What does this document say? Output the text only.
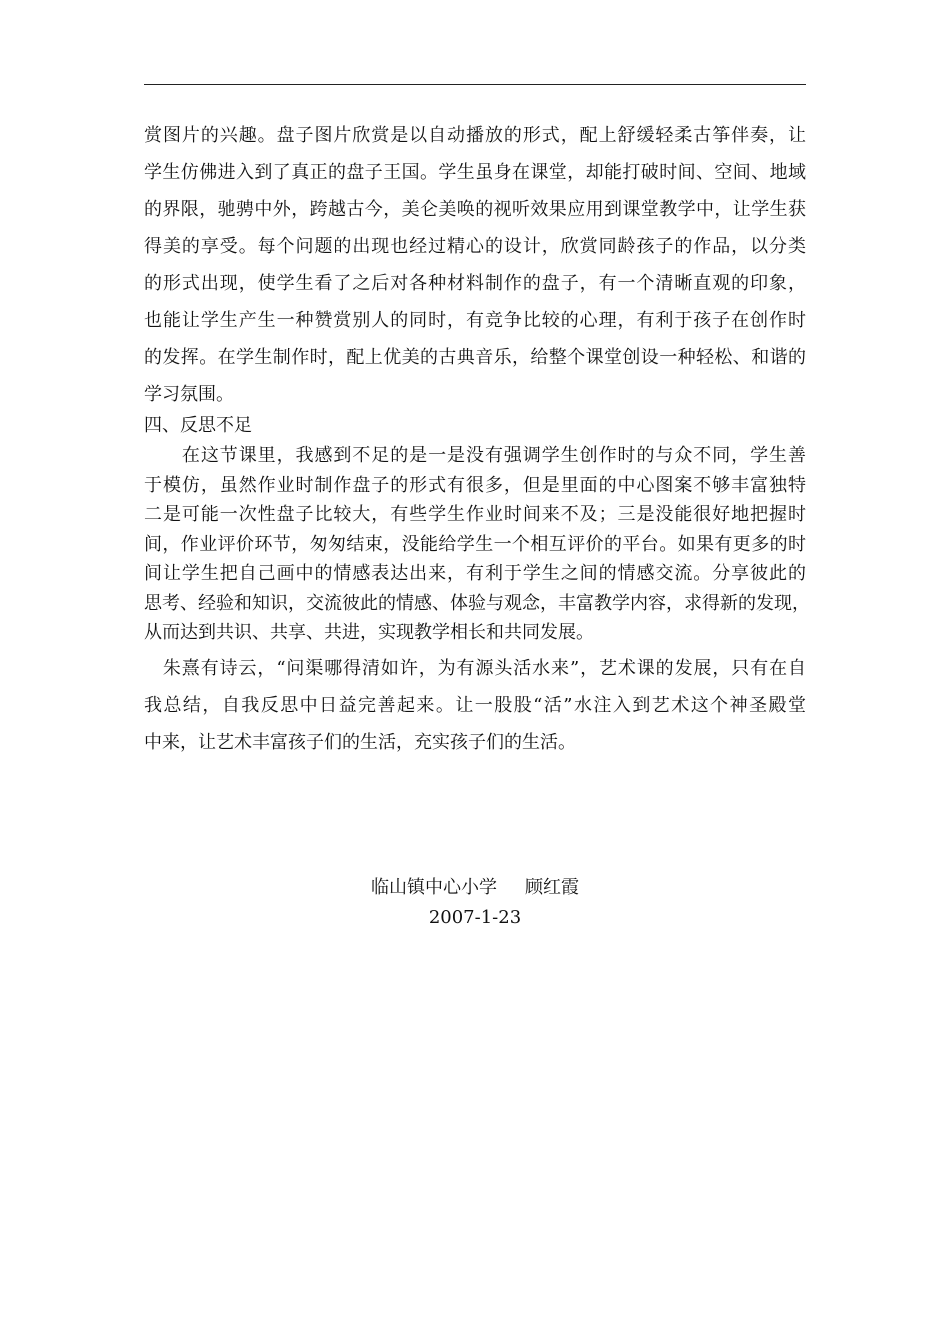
赏图片的兴趣。盘子图片欣赏是以自动播放的形式，配上舒缓轻柔古筝伴奏，让
学生仿佛进入到了真正的盘子王国。学生虽身在课堂，却能打破时间、空间、地域
的界限，驰骋中外，跨越古今，美仑美唤的视听效果应用到课堂教学中，让学生获
得美的享受。每个问题的出现也经过精心的设计，欣赏同龄孩子的作品，以分类
的形式出现，使学生看了之后对各种材料制作的盘子，有一个清晰直观的印象，
也能让学生产生一种赞赏别人的同时，有竞争比较的心理，有利于孩子在创作时
的发挥。在学生制作时，配上优美的古典音乐，给整个课堂创设一种轻松、和谐的
学习氛围。
四、反思不足
　　在这节课里，我感到不足的是一是没有强调学生创作时的与众不同，学生善
于模仿，虽然作业时制作盘子的形式有很多，但是里面的中心图案不够丰富独特
二是可能一次性盘子比较大，有些学生作业时间来不及；三是没能很好地把握时
间，作业评价环节，匆匆结束，没能给学生一个相互评价的平台。如果有更多的时
间让学生把自己画中的情感表达出来，有利于学生之间的情感交流。分享彼此的
思考、经验和知识，交流彼此的情感、体验与观念，丰富教学内容，求得新的发现，
从而达到共识、共享、共进，实现教学相长和共同发展。
　朱熹有诗云，“问渠哪得清如许，为有源头活水来”，艺术课的发展，只有在自
我总结，自我反思中日益完善起来。让一股股“活”水注入到艺术这个神圣殿堂
中来，让艺术丰富孩子们的生活，充实孩子们的生活。
临山镇中心小学 顾红霞
2007-1-23
